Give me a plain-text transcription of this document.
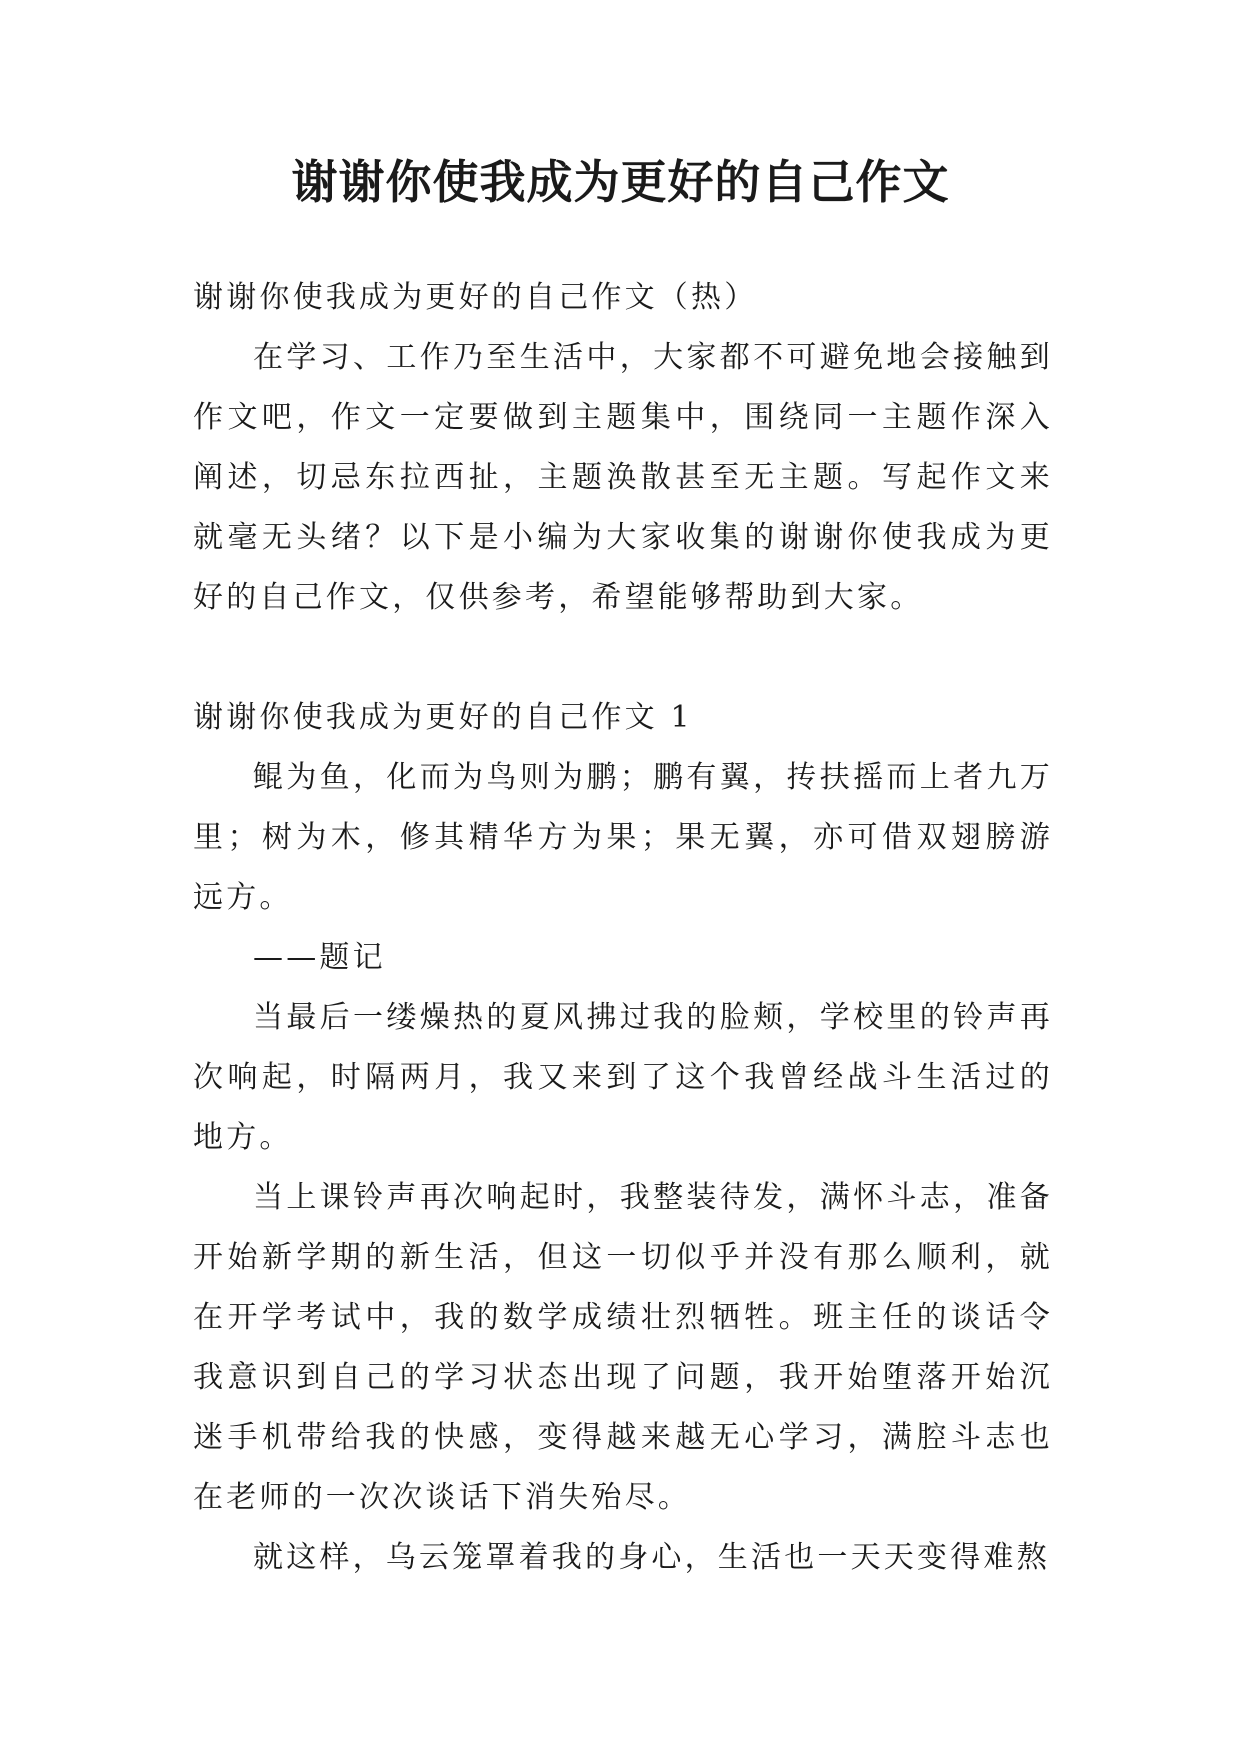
谢谢你使我成为更好的自己作文

谢谢你使我成为更好的自己作文（热）

在学习、工作乃至生活中，大家都不可避免地会接触到作文吧，作文一定要做到主题集中，围绕同一主题作深入阐述，切忌东拉西扯，主题涣散甚至无主题。写起作文来就毫无头绪？以下是小编为大家收集的谢谢你使我成为更好的自己作文，仅供参考，希望能够帮助到大家。

谢谢你使我成为更好的自己作文 1

鲲为鱼，化而为鸟则为鹏；鹏有翼，抟扶摇而上者九万里；树为木，修其精华方为果；果无翼，亦可借双翅膀游远方。

——题记

当最后一缕燥热的夏风拂过我的脸颊，学校里的铃声再次响起，时隔两月，我又来到了这个我曾经战斗生活过的地方。

当上课铃声再次响起时，我整装待发，满怀斗志，准备开始新学期的新生活，但这一切似乎并没有那么顺利，就在开学考试中，我的数学成绩壮烈牺牲。班主任的谈话令我意识到自己的学习状态出现了问题，我开始堕落开始沉迷手机带给我的快感，变得越来越无心学习，满腔斗志也在老师的一次次谈话下消失殆尽。

就这样，乌云笼罩着我的身心，生活也一天天变得难熬
